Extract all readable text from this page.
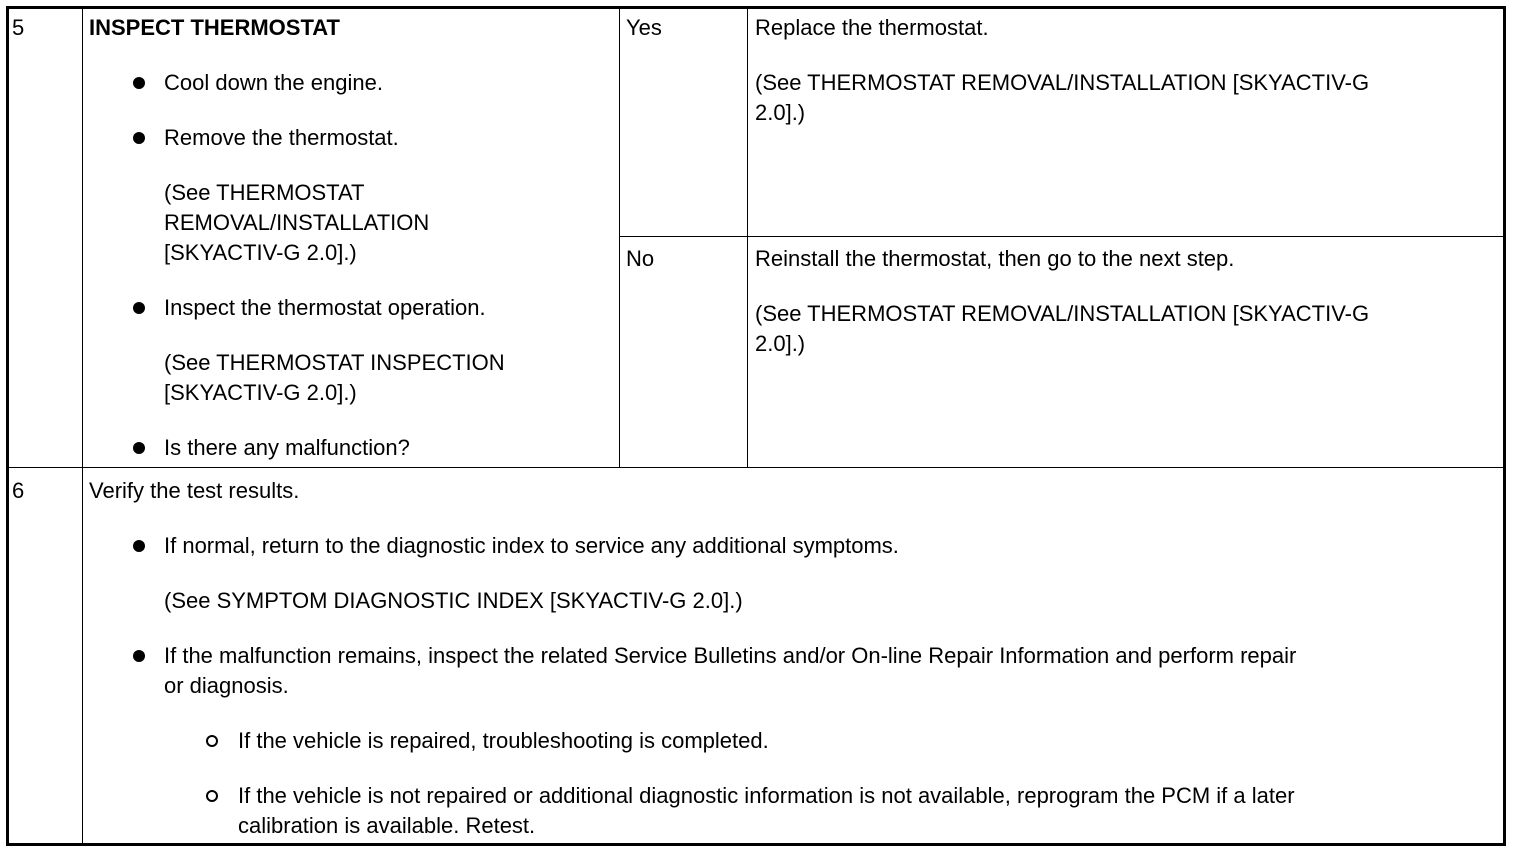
5	INSPECT THERMOSTAT
Cool down the engine.
Remove the thermostat.
(See THERMOSTAT
REMOVAL/INSTALLATION
[SKYACTIV-G 2.0].)
Inspect the thermostat operation.
(See THERMOSTAT INSPECTION
[SKYACTIV-G 2.0].)
Is there any malfunction?
Yes	Replace the thermostat.
(See THERMOSTAT REMOVAL/INSTALLATION [SKYACTIV-G
2.0].)
No	Reinstall the thermostat, then go to the next step.
(See THERMOSTAT REMOVAL/INSTALLATION [SKYACTIV-G
2.0].)
6	Verify the test results.
If normal, return to the diagnostic index to service any additional symptoms.
(See SYMPTOM DIAGNOSTIC INDEX [SKYACTIV-G 2.0].)
If the malfunction remains, inspect the related Service Bulletins and/or On-line Repair Information and perform repair
or diagnosis.
If the vehicle is repaired, troubleshooting is completed.
If the vehicle is not repaired or additional diagnostic information is not available, reprogram the PCM if a later
calibration is available. Retest.
